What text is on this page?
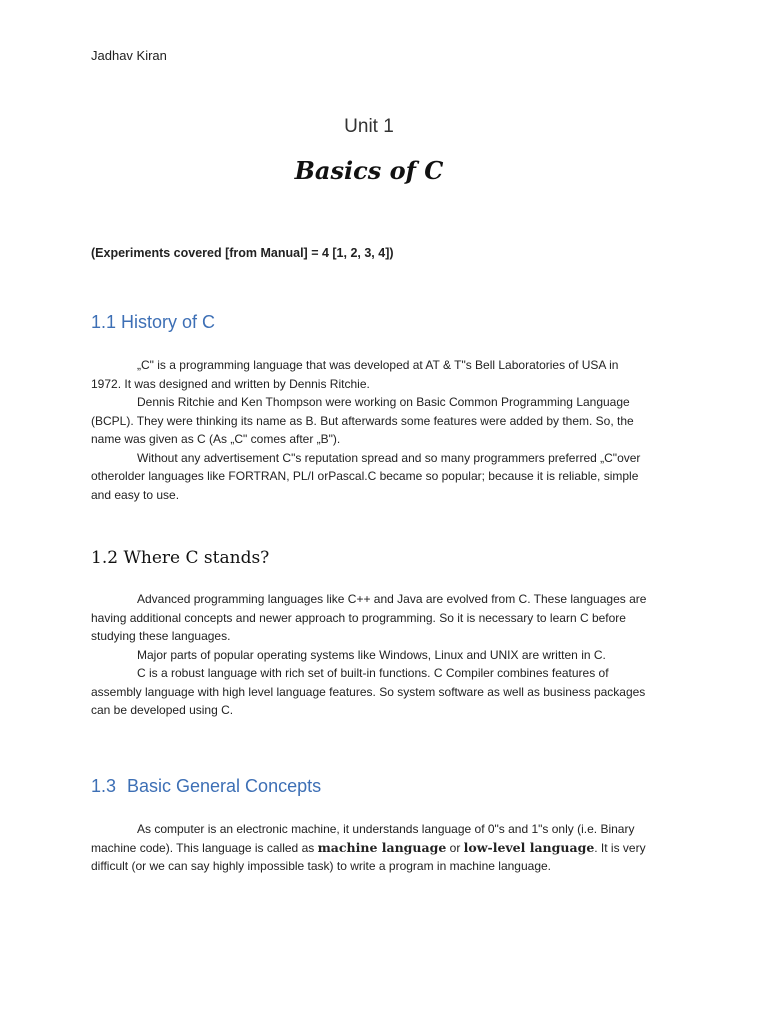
Jadhav Kiran
Unit 1
Basics of C
(Experiments covered [from Manual] = 4 [1, 2, 3, 4])
1.1 History of C

„C" is a programming language that was developed at AT & T"s Bell Laboratories of USA in 1972. It was designed and written by Dennis Ritchie.

Dennis Ritchie and Ken Thompson were working on Basic Common Programming Language (BCPL). They were thinking its name as B. But afterwards some features were added by them. So, the name was given as C (As „C" comes after „B").

Without any advertisement C"s reputation spread and so many programmers preferred „C"over otherolder languages like FORTRAN, PL/I orPascal.C became so popular; because it is reliable, simple and easy to use.

1.2 Where C stands?

Advanced programming languages like C++ and Java are evolved from C. These languages are having additional concepts and newer approach to programming. So it is necessary to learn C before studying these languages.

Major parts of popular operating systems like Windows, Linux and UNIX are written in C.

C is a robust language with rich set of built-in functions. C Compiler combines features of assembly language with high level language features. So system software as well as business packages can be developed using C.

1.3 Basic General Concepts

As computer is an electronic machine, it understands language of 0"s and 1"s only (i.e. Binary machine code). This language is called as machine language or low-level language. It is very difficult (or we can say highly impossible task) to write a program in machine language.
